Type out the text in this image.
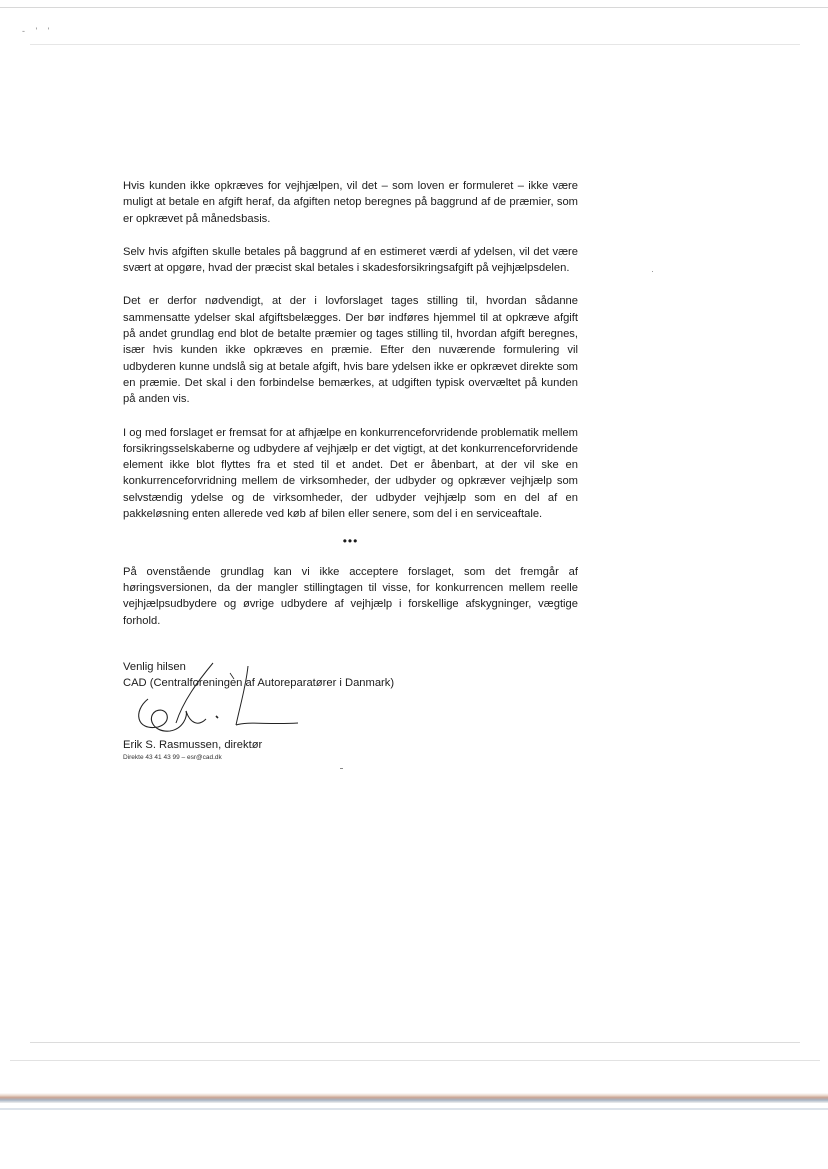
- ' '

Hvis kunden ikke opkræves for vejhjælpen, vil det – som loven er formuleret – ikke være muligt at betale en afgift heraf, da afgiften netop beregnes på baggrund af de præmier, som er opkrævet på månedsbasis.

Selv hvis afgiften skulle betales på baggrund af en estimeret værdi af ydelsen, vil det være svært at opgøre, hvad der præcist skal betales i skadesforsikringsafgift på vejhjælpsdelen.

Det er derfor nødvendigt, at der i lovforslaget tages stilling til, hvordan sådanne sammensatte ydelser skal afgiftsbelægges. Der bør indføres hjemmel til at opkræve afgift på andet grundlag end blot de betalte præmier og tages stilling til, hvordan afgift beregnes, især hvis kunden ikke opkræves en præmie. Efter den nuværende formulering vil udbyderen kunne undslå sig at betale afgift, hvis bare ydelsen ikke er opkrævet direkte som en præmie. Det skal i den forbindelse bemærkes, at udgiften typisk overvæltet på kunden på anden vis.

I og med forslaget er fremsat for at afhjælpe en konkurrenceforvridende problematik mellem forsikringsselskaberne og udbydere af vejhjælp er det vigtigt, at det konkurrenceforvridende element ikke blot flyttes fra et sted til et andet. Det er åbenbart, at der vil ske en konkurrenceforvridning mellem de virksomheder, der udbyder og opkræver vejhjælp som selvstændig ydelse og de virksomheder, der udbyder vejhjælp som en del af en pakkeløsning enten allerede ved køb af bilen eller senere, som del i en serviceaftale.

•••

På ovenstående grundlag kan vi ikke acceptere forslaget, som det fremgår af høringsversionen, da der mangler stillingtagen til visse, for konkurrencen mellem reelle vejhjælpsudbydere og øvrige udbydere af vejhjælp i forskellige afskygninger, vægtige forhold.

Venlig hilsen
CAD (Centralforeningen af Autoreparatører i Danmark)
Erik S. Rasmussen, direktør
Direkte 43 41 43 99 – esr@cad.dk
